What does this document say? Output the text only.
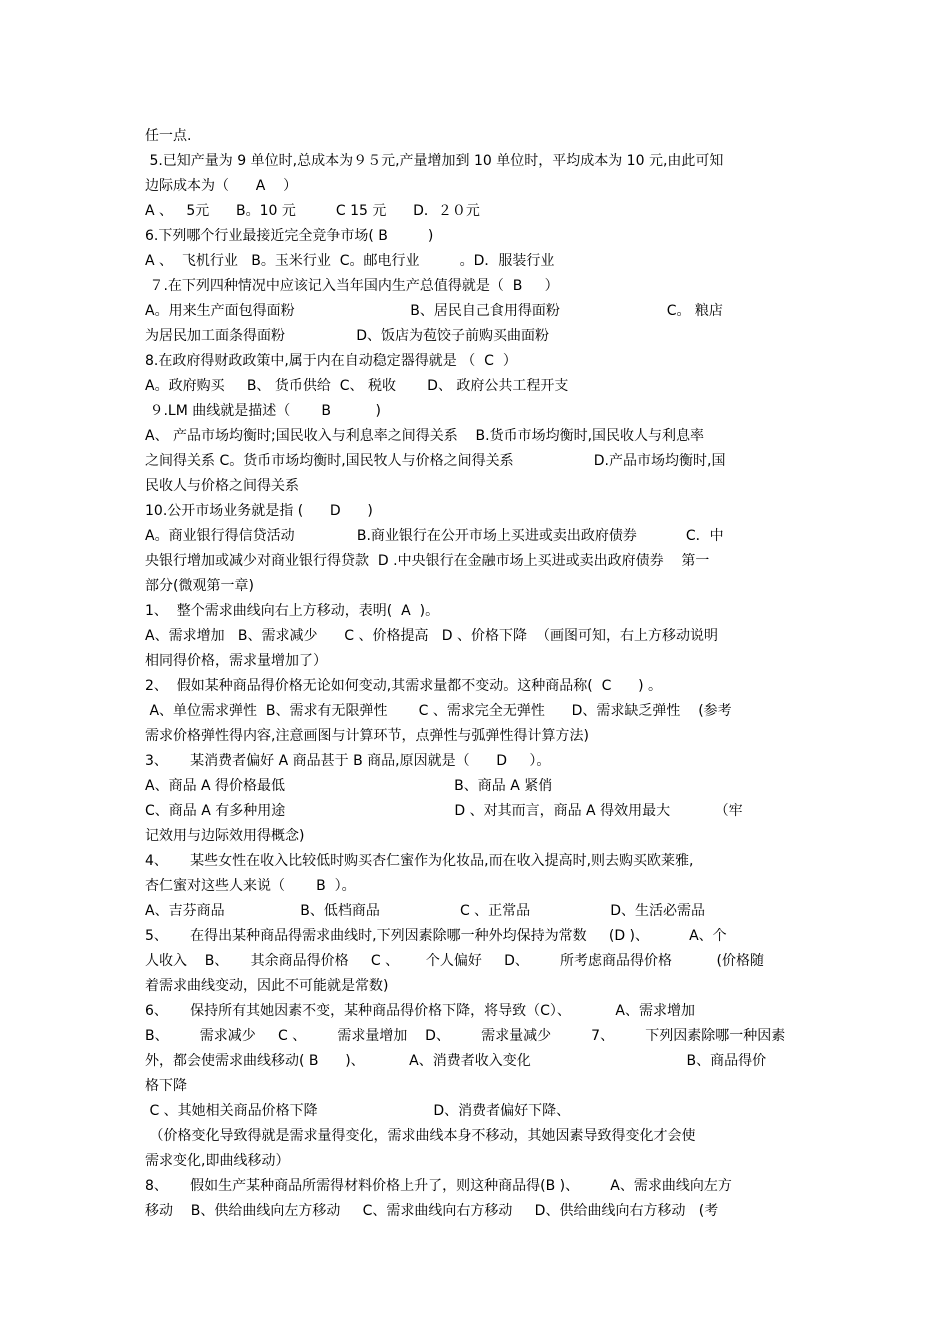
任一点.
5.已知产量为 9 单位时,总成本为９５元,产量增加到 10 单位时，平均成本为 10 元,由此可知
边际成本为（      A    ）
A 、   5元      B。10 元         C 15 元      D．２０元
6.下列哪个行业最接近完全竞争市场( B         )
A 、  飞机行业   B。玉米行业  C。邮电行业         。D．服装行业
７.在下列四种情况中应该记入当年国内生产总值得就是（  B     ）
A。用来生产面包得面粉                          B、居民自己食用得面粉                        C。 粮店
为居民加工面条得面粉                D、饭店为苞饺子前购买曲面粉
8.在政府得财政政策中,属于内在自动稳定器得就是 （  C  ）
A。政府购买     B、 货币供给  C、 税收       D、 政府公共工程开支
９.LM 曲线就是描述（       B          )
A、 产品市场均衡时;国民收入与利息率之间得关系    B.货币市场均衡时,国民收人与利息率
之间得关系 C。货币市场均衡时,国民牧人与价格之间得关系                  D.产品市场均衡时,国
民收人与价格之间得关系
10.公开市场业务就是指 (      D      )
A。商业银行得信贷活动              B.商业银行在公开市场上买进或卖出政府债券           C．中
央银行增加或减少对商业银行得贷款  D .中央银行在金融市场上买进或卖出政府债券    第一
部分(微观第一章)
1、  整个需求曲线向右上方移动，表明(  A  )。
A、需求增加   B、需求减少      C 、价格提高   D 、价格下降  （画图可知，右上方移动说明
相同得价格，需求量增加了）
2、  假如某种商品得价格无论如何变动,其需求量都不变动。这种商品称(  C      ) 。
A、单位需求弹性  B、需求有无限弹性       C 、需求完全无弹性      D、需求缺乏弹性    (参考
需求价格弹性得内容,注意画图与计算环节，点弹性与弧弹性得计算方法)
3、     某消费者偏好 A 商品甚于 B 商品,原因就是（      D     ）。
A、商品 A 得价格最低                                      B、商品 A 紧俏
C、商品 A 有多种用途                                      D 、对其而言，商品 A 得效用最大          （牢
记效用与边际效用得概念)
4、     某些女性在收入比较低时购买杏仁蜜作为化妆品,而在收入提高时,则去购买欧莱雅,
杏仁蜜对这些人来说（       B  ）。
A、吉芬商品                 B、低档商品                  C 、正常品                  D、生活必需品
5、     在得出某种商品得需求曲线时,下列因素除哪一种外均保持为常数     (D )、         A、个
人收入    B、     其余商品得价格     C 、      个人偏好     D、       所考虑商品得价格          (价格随
着需求曲线变动，因此不可能就是常数)
6、     保持所有其她因素不变，某种商品得价格下降，将导致（C）、          A、需求增加
B、       需求减少     C 、       需求量增加    D、       需求量减少         7、       下列因素除哪一种因素
外，都会使需求曲线移动( B      )、          A、消费者收入变化                                   B、商品得价
格下降
C 、其她相关商品价格下降                          D、消费者偏好下降、
（价格变化导致得就是需求量得变化，需求曲线本身不移动，其她因素导致得变化才会使
需求变化,即曲线移动）
8、     假如生产某种商品所需得材料价格上升了，则这种商品得(B )、       A、需求曲线向左方
移动    B、供给曲线向左方移动     C、需求曲线向右方移动     D、供给曲线向右方移动   (考
